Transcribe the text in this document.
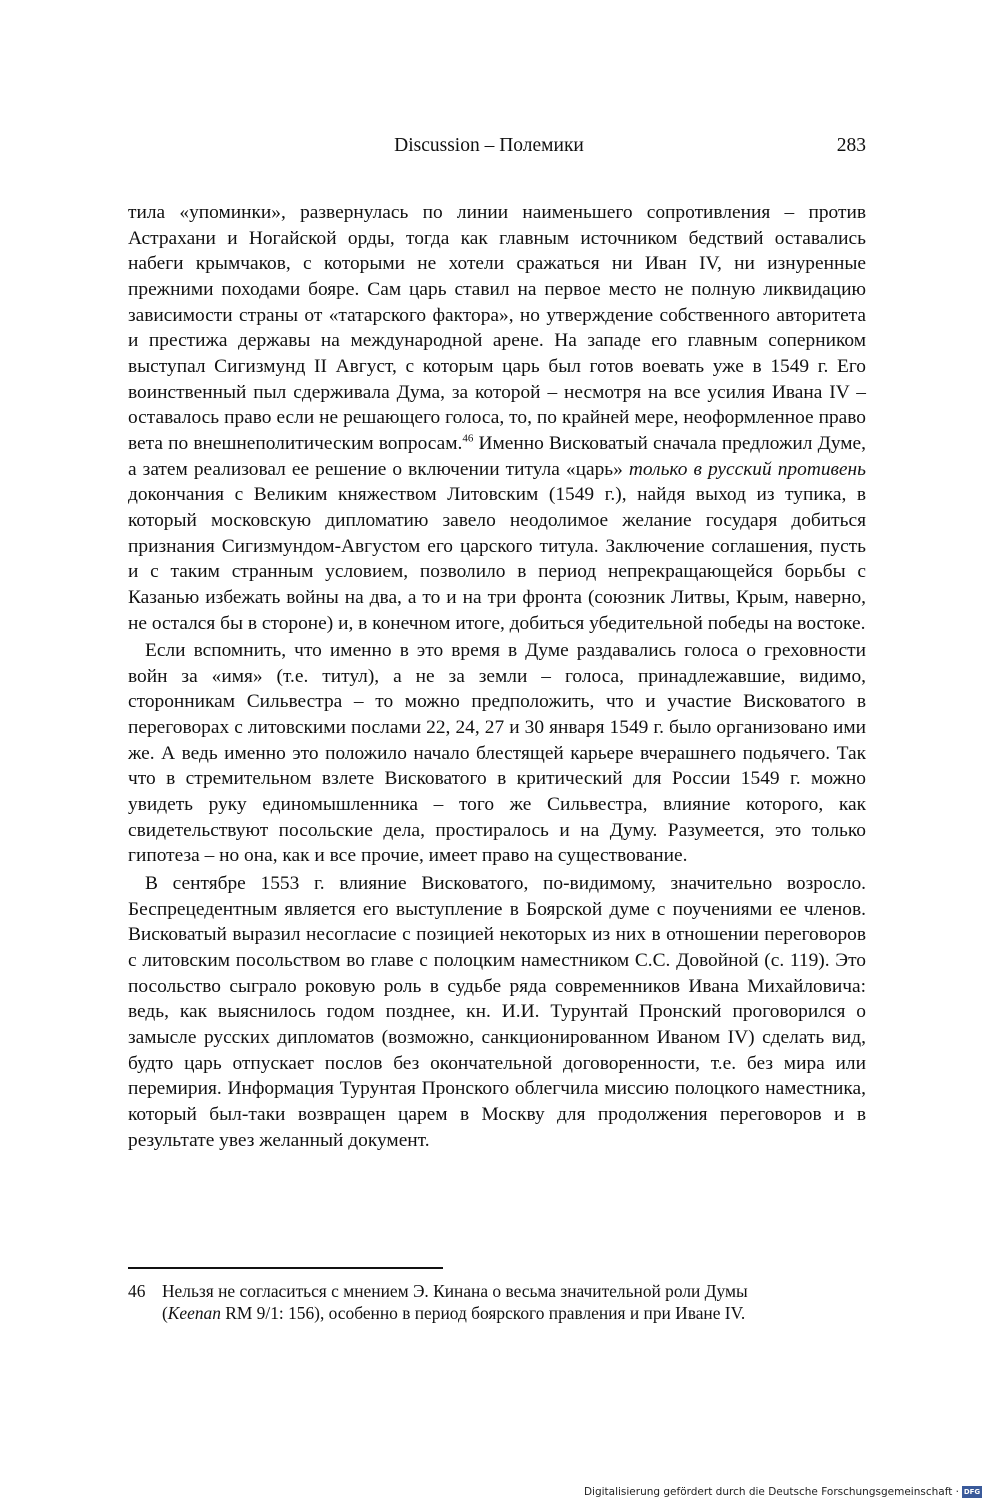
Discussion – Полемики	283

тила «упоминки», развернулась по линии наименьшего сопротивления – против Астрахани и Ногайской орды, тогда как главным источником бедствий оставались набеги крымчаков, с которыми не хотели сражаться ни Иван IV, ни изнуренные прежними походами бояре. Сам царь ставил на первое место не полную ликвидацию зависимости страны от «татарского фактора», но утверждение собственного авторитета и престижа державы на международной арене. На западе его главным соперником выступал Сигизмунд II Август, с которым царь был готов воевать уже в 1549 г. Его воинственный пыл сдерживала Дума, за которой – несмотря на все усилия Ивана IV – оставалось право если не решающего голоса, то, по крайней мере, неоформленное право вета по внешнеполитическим вопросам.$^{46}$ Именно Висковатый сначала предложил Думе, а затем реализовал ее решение о включении титула «царь» только в русский противень докончания с Великим княжеством Литовским (1549 г.), найдя выход из тупика, в который московскую дипломатию завело неодолимое желание государя добиться признания Сигизмундом-Августом его царского титула. Заключение соглашения, пусть и с таким странным условием, позволило в период непрекращающейся борьбы с Казанью избежать войны на два, а то и на три фронта (союзник Литвы, Крым, наверно, не остался бы в стороне) и, в конечном итоге, добиться убедительной победы на востоке.

Если вспомнить, что именно в это время в Думе раздавались голоса о греховности войн за «имя» (т.е. титул), а не за земли – голоса, принадлежавшие, видимо, сторонникам Сильвестра – то можно предположить, что и участие Висковатого в переговорах с литовскими послами 22, 24, 27 и 30 января 1549 г. было организовано ими же. А ведь именно это положило начало блестящей карьере вчерашнего подьячего. Так что в стремительном взлете Висковатого в критический для России 1549 г. можно увидеть руку единомышленника – того же Сильвестра, влияние которого, как свидетельствуют посольские дела, простиралось и на Думу. Разумеется, это только гипотеза – но она, как и все прочие, имеет право на существование.

В сентябре 1553 г. влияние Висковатого, по-видимому, значительно возросло. Беспрецедентным является его выступление в Боярской думе с поучениями ее членов. Висковатый выразил несогласие с позицией некоторых из них в отношении переговоров с литовским посольством во главе с полоцким наместником С.С. Довойной (с. 119). Это посольство сыграло роковую роль в судьбе ряда современников Ивана Михайловича: ведь, как выяснилось годом позднее, кн. И.И. Турунтай Пронский проговорился о замысле русских дипломатов (возможно, санкционированном Иваном IV) сделать вид, будто царь отпускает послов без окончательной договоренности, т.е. без мира или перемирия. Информация Турунтая Пронского облегчила миссию полоцкого наместника, который был-таки возвращен царем в Москву для продолжения переговоров и в результате увез желанный документ.

46 Нельзя не согласиться с мнением Э. Кинана о весьма значительной роли Думы
(Keenan RM 9/1: 156), особенно в период боярского правления и при Иване IV.
Digitalisierung gefördert durch die Deutsche Forschungsgemeinschaft · DFG
